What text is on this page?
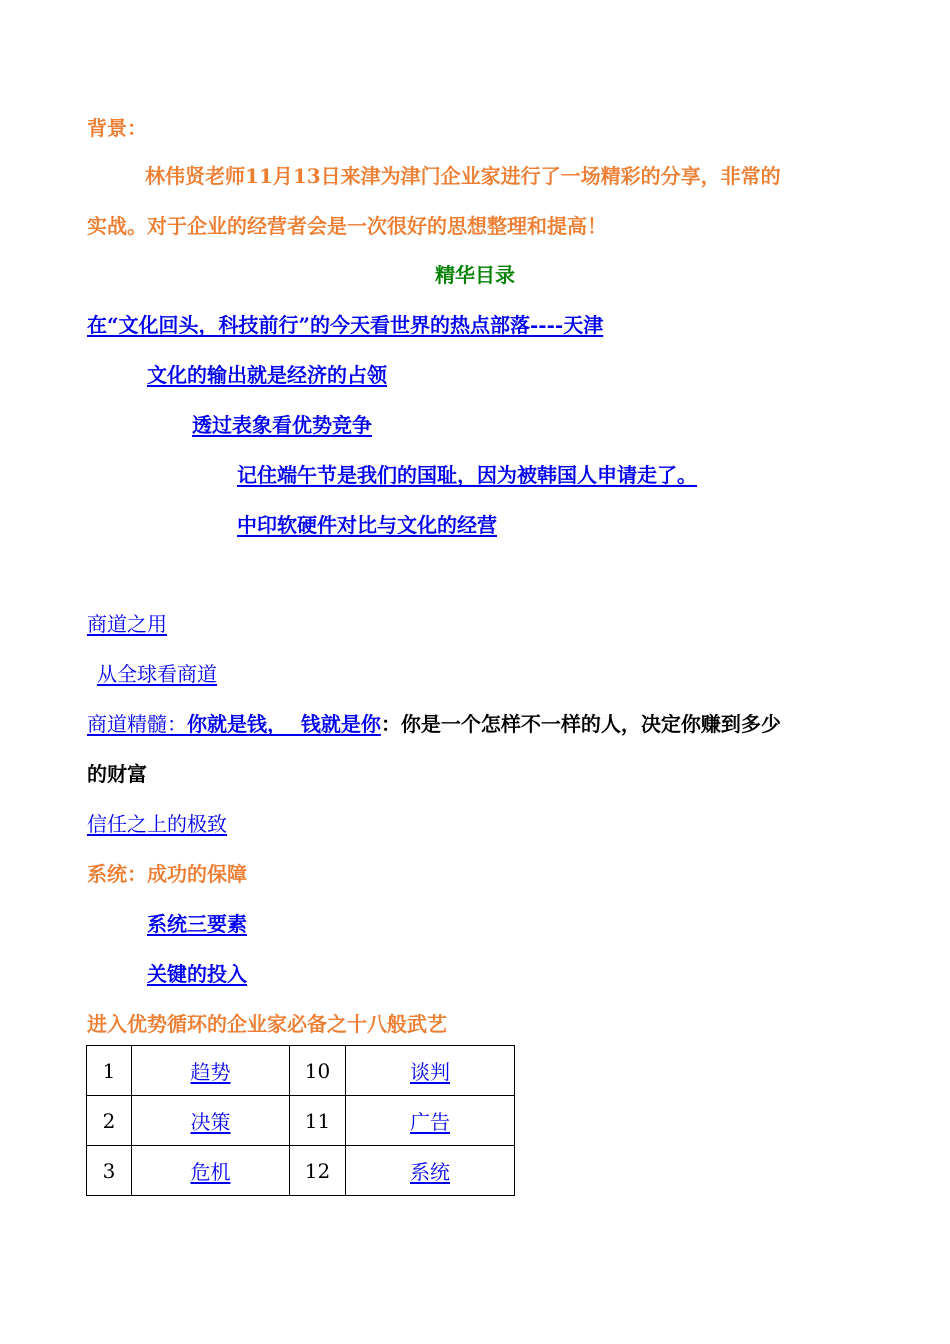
背景：
林伟贤老师11月13日来津为津门企业家进行了一场精彩的分享，非常的
实战。对于企业的经营者会是一次很好的思想整理和提高！
精华目录
在“文化回头，科技前行”的今天看世界的热点部落----天津
文化的输出就是经济的占领
透过表象看优势竞争
记住端午节是我们的国耻，因为被韩国人申请走了。
中印软硬件对比与文化的经营
商道之用
从全球看商道
商道精髓：你就是钱，  钱就是你：你是一个怎样不一样的人，决定你赚到多少
的财富
信任之上的极致
系统：成功的保障
系统三要素
关键的投入
进入优势循环的企业家必备之十八般武艺
1	趋势	10	谈判
2	决策	11	广告
3	危机	12	系统
